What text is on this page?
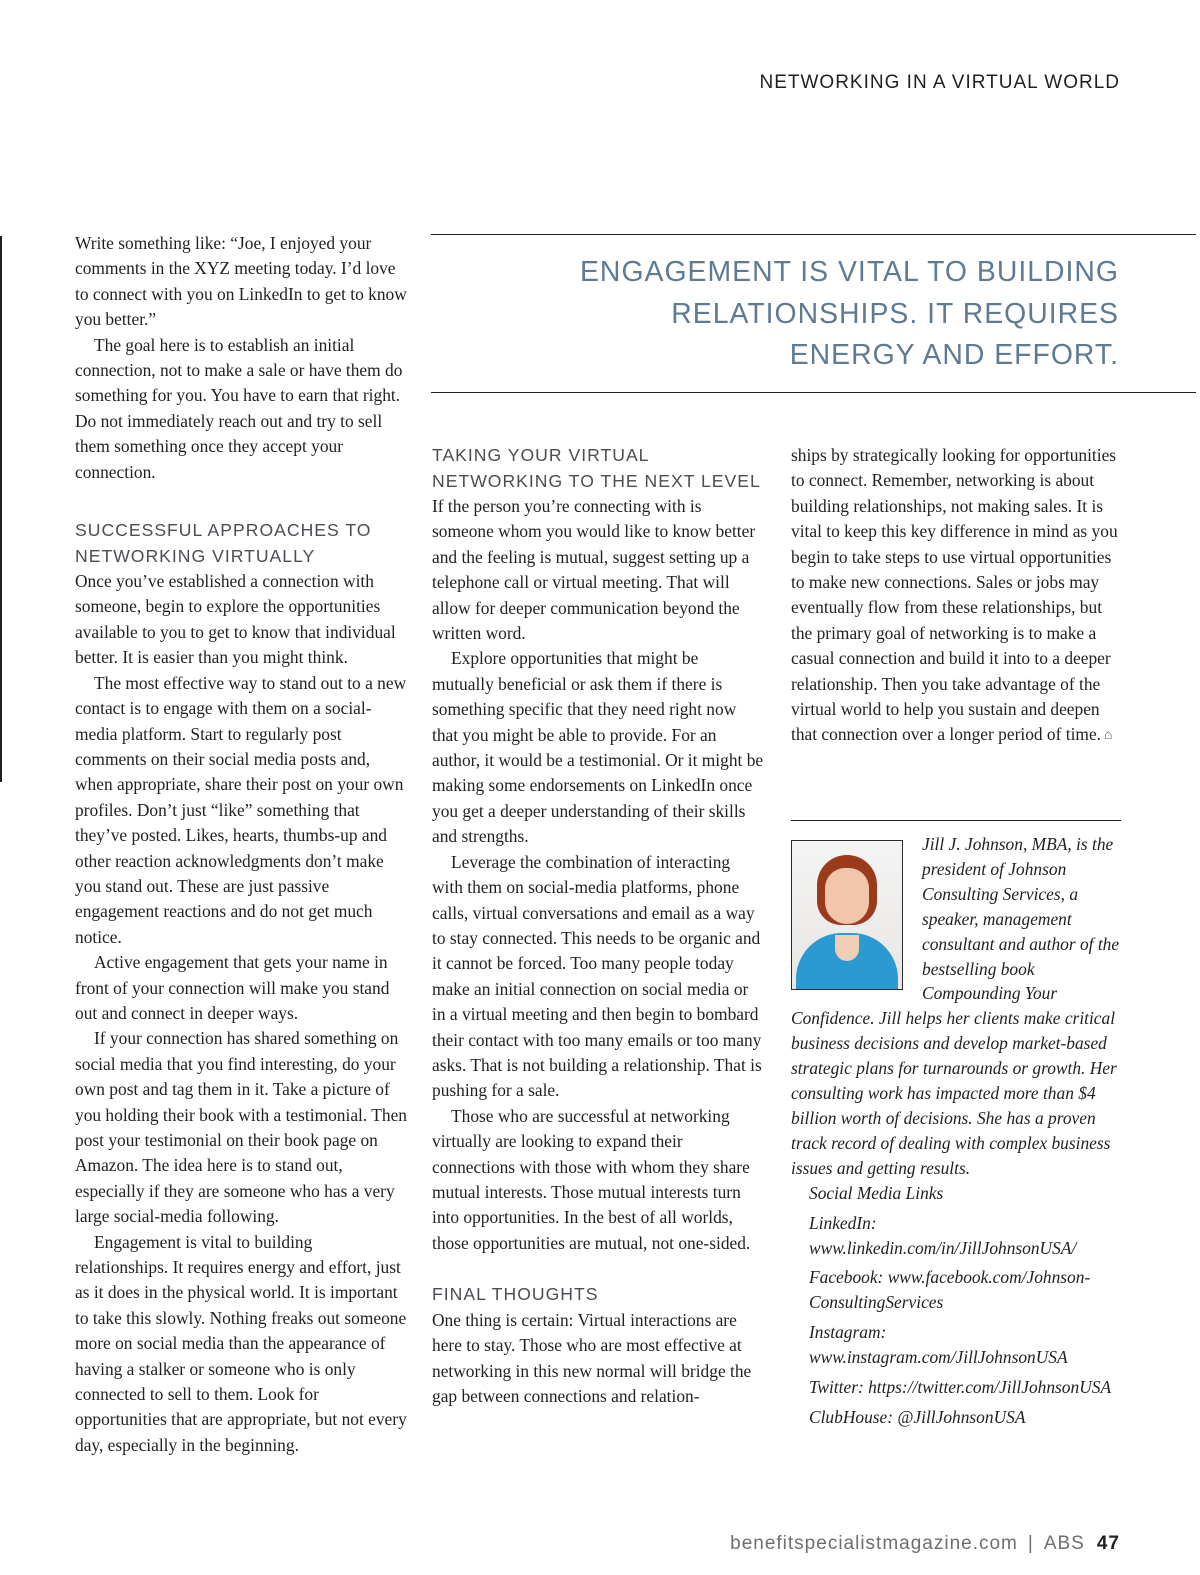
NETWORKING IN A VIRTUAL WORLD

Write something like: “Joe, I enjoyed your comments in the XYZ meeting today. I’d love to connect with you on LinkedIn to get to know you better.”

The goal here is to establish an initial connection, not to make a sale or have them do something for you. You have to earn that right. Do not immediately reach out and try to sell them something once they accept your connection.

SUCCESSFUL APPROACHES TO NETWORKING VIRTUALLY

Once you’ve established a connection with someone, begin to explore the opportunities available to you to get to know that individual better. It is easier than you might think.

The most effective way to stand out to a new contact is to engage with them on a social-media platform. Start to regularly post comments on their social media posts and, when appropriate, share their post on your own profiles. Don’t just “like” something that they’ve posted. Likes, hearts, thumbs-up and other reaction acknowledgments don’t make you stand out. These are just passive engagement reactions and do not get much notice.

Active engagement that gets your name in front of your connection will make you stand out and connect in deeper ways.

If your connection has shared something on social media that you find interesting, do your own post and tag them in it. Take a picture of you holding their book with a testimonial. Then post your testimonial on their book page on Amazon. The idea here is to stand out, especially if they are someone who has a very large social-media following.

Engagement is vital to building relationships. It requires energy and effort, just as it does in the physical world. It is important to take this slowly. Nothing freaks out someone more on social media than the appearance of having a stalker or someone who is only connected to sell to them. Look for opportunities that are appropriate, but not every day, especially in the beginning.

ENGAGEMENT IS VITAL TO BUILDING
RELATIONSHIPS. IT REQUIRES
ENERGY AND EFFORT.
TAKING YOUR VIRTUAL NETWORKING TO THE NEXT LEVEL

If the person you’re connecting with is someone whom you would like to know better and the feeling is mutual, suggest setting up a telephone call or virtual meeting. That will allow for deeper communication beyond the written word.

Explore opportunities that might be mutually beneficial or ask them if there is something specific that they need right now that you might be able to provide. For an author, it would be a testimonial. Or it might be making some endorsements on LinkedIn once you get a deeper understanding of their skills and strengths.

Leverage the combination of interacting with them on social-media platforms, phone calls, virtual conversations and email as a way to stay connected. This needs to be organic and it cannot be forced. Too many people today make an initial connection on social media or in a virtual meeting and then begin to bombard their contact with too many emails or too many asks. That is not building a relationship. That is pushing for a sale.

Those who are successful at networking virtually are looking to expand their connections with those with whom they share mutual interests. Those mutual interests turn into opportunities. In the best of all worlds, those opportunities are mutual, not one-sided.

FINAL THOUGHTS

One thing is certain: Virtual interactions are here to stay. Those who are most effective at networking in this new normal will bridge the gap between connections and relation-

ships by strategically looking for opportunities to connect. Remember, networking is about building relationships, not making sales. It is vital to keep this key difference in mind as you begin to take steps to use virtual opportunities to make new connections. Sales or jobs may eventually flow from these relationships, but the primary goal of networking is to make a casual connection and build it into to a deeper relationship. Then you take advantage of the virtual world to help you sustain and deepen that connection over a longer period of time. ⌂

Jill J. Johnson, MBA, is the president of Johnson Consulting Services, a speaker, management consultant and author of the bestselling book Compounding Your Confidence. Jill helps her clients make critical business decisions and develop market-based strategic plans for turnarounds or growth. Her consulting work has impacted more than $4 billion worth of decisions. She has a proven track record of dealing with complex business issues and getting results.

Social Media Links

LinkedIn: www.linkedin.com/in/JillJohnsonUSA/

Facebook: www.facebook.com/Johnson-ConsultingServices

Instagram: www.instagram.com/JillJohnsonUSA

Twitter: https://twitter.com/JillJohnsonUSA

ClubHouse: @JillJohnsonUSA

benefitspecialistmagazine.com | ABS 47
